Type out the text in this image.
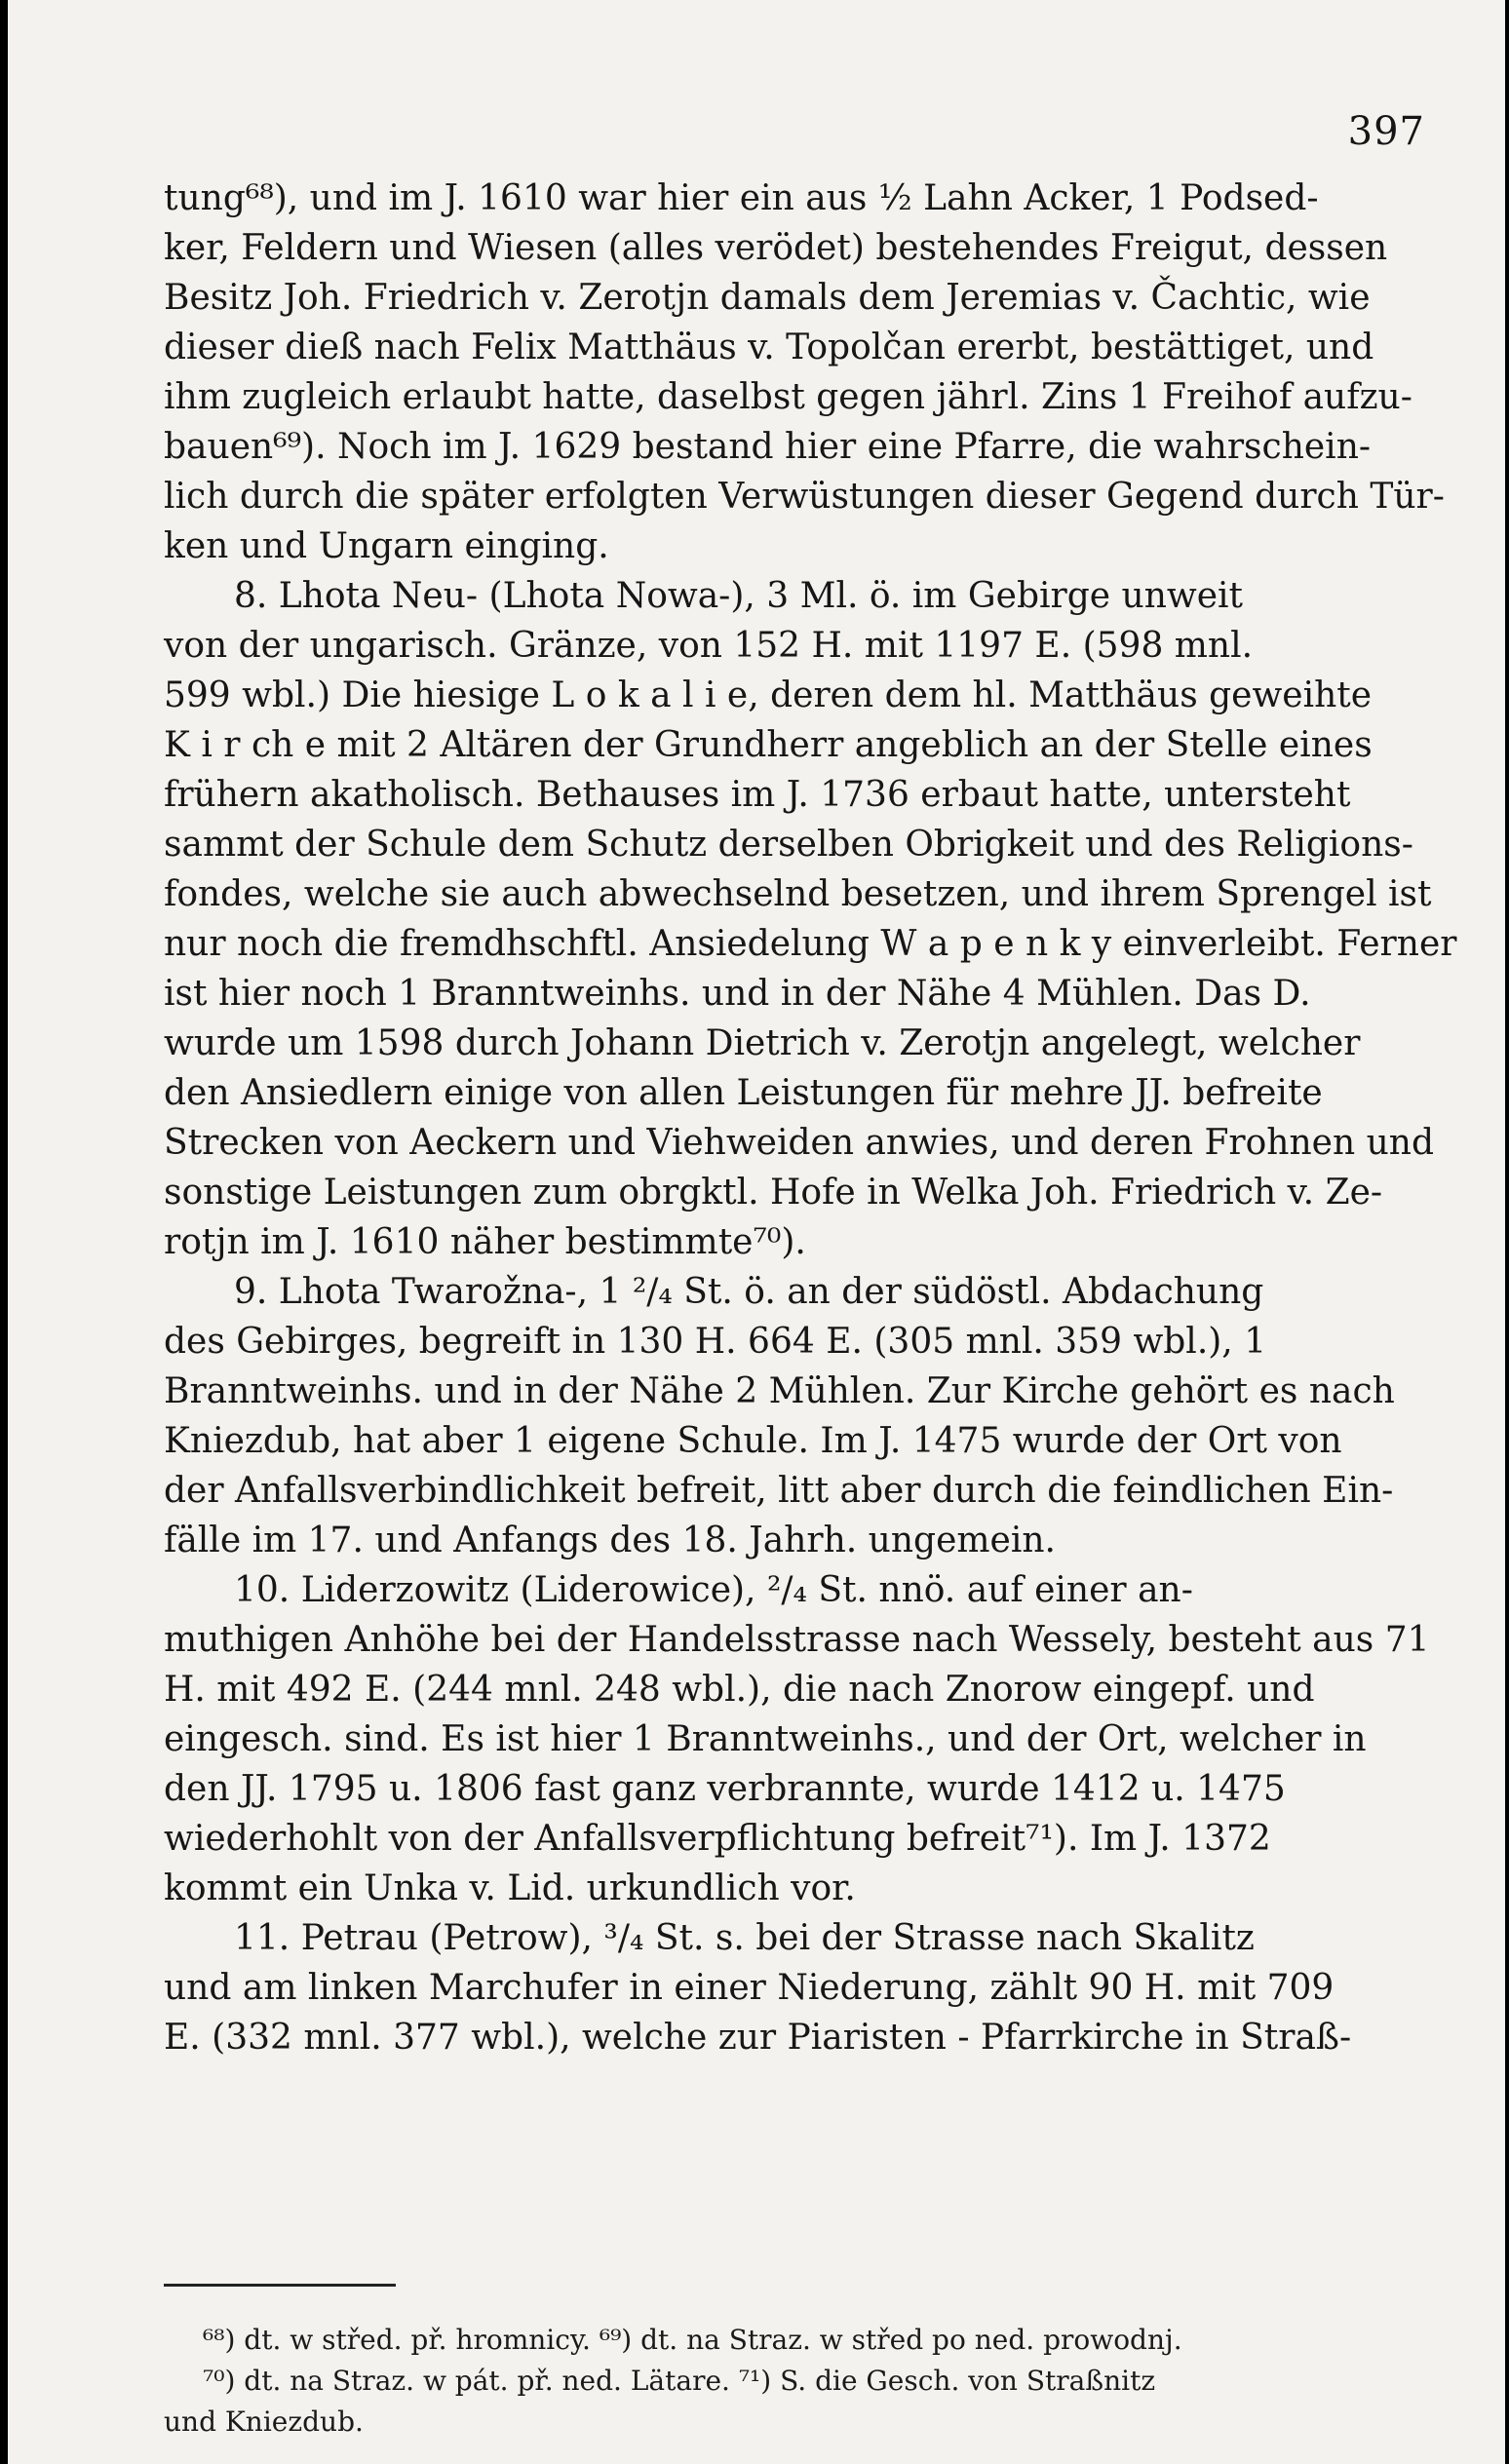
397
tung⁶⁸), und im J. 1610 war hier ein aus ½ Lahn Acker, 1 Podsed-
ker, Feldern und Wiesen (alles verödet) bestehendes Freigut, dessen
Besitz Joh. Friedrich v. Zerotjn damals dem Jeremias v. Čachtic, wie
dieser dieß nach Felix Matthäus v. Topolčan ererbt, bestättiget, und
ihm zugleich erlaubt hatte, daselbst gegen jährl. Zins 1 Freihof aufzu-
bauen⁶⁹). Noch im J. 1629 bestand hier eine Pfarre, die wahrschein-
lich durch die später erfolgten Verwüstungen dieser Gegend durch Tür-
ken und Ungarn einging.
8. Lhota Neu- (Lhota Nowa-), 3 Ml. ö. im Gebirge unweit
von der ungarisch. Gränze, von 152 H. mit 1197 E. (598 mnl.
599 wbl.) Die hiesige L o k a l i e, deren dem hl. Matthäus geweihte
K i r ch e mit 2 Altären der Grundherr angeblich an der Stelle eines
frühern akatholisch. Bethauses im J. 1736 erbaut hatte, untersteht
sammt der Schule dem Schutz derselben Obrigkeit und des Religions-
fondes, welche sie auch abwechselnd besetzen, und ihrem Sprengel ist
nur noch die fremdhschftl. Ansiedelung W a p e n k y einverleibt. Ferner
ist hier noch 1 Branntweinhs. und in der Nähe 4 Mühlen. Das D.
wurde um 1598 durch Johann Dietrich v. Zerotjn angelegt, welcher
den Ansiedlern einige von allen Leistungen für mehre JJ. befreite
Strecken von Aeckern und Viehweiden anwies, und deren Frohnen und
sonstige Leistungen zum obrgktl. Hofe in Welka Joh. Friedrich v. Ze-
rotjn im J. 1610 näher bestimmte⁷⁰).
9. Lhota Twarožna-, 1 ²/₄ St. ö. an der südöstl. Abdachung
des Gebirges, begreift in 130 H. 664 E. (305 mnl. 359 wbl.), 1
Branntweinhs. und in der Nähe 2 Mühlen. Zur Kirche gehört es nach
Kniezdub, hat aber 1 eigene Schule. Im J. 1475 wurde der Ort von
der Anfallsverbindlichkeit befreit, litt aber durch die feindlichen Ein-
fälle im 17. und Anfangs des 18. Jahrh. ungemein.
10. Liderzowitz (Liderowice), ²/₄ St. nnö. auf einer an-
muthigen Anhöhe bei der Handelsstrasse nach Wessely, besteht aus 71
H. mit 492 E. (244 mnl. 248 wbl.), die nach Znorow eingepf. und
eingesch. sind. Es ist hier 1 Branntweinhs., und der Ort, welcher in
den JJ. 1795 u. 1806 fast ganz verbrannte, wurde 1412 u. 1475
wiederhohlt von der Anfallsverpflichtung befreit⁷¹). Im J. 1372
kommt ein Unka v. Lid. urkundlich vor.
11. Petrau (Petrow), ³/₄ St. s. bei der Strasse nach Skalitz
und am linken Marchufer in einer Niederung, zählt 90 H. mit 709
E. (332 mnl. 377 wbl.), welche zur Piaristen - Pfarrkirche in Straß-
⁶⁸) dt. w střed. př. hromnicy. ⁶⁹) dt. na Straz. w střed po ned. prowodnj.
⁷⁰) dt. na Straz. w pát. př. ned. Lätare. ⁷¹) S. die Gesch. von Straßnitz
und Kniezdub.
